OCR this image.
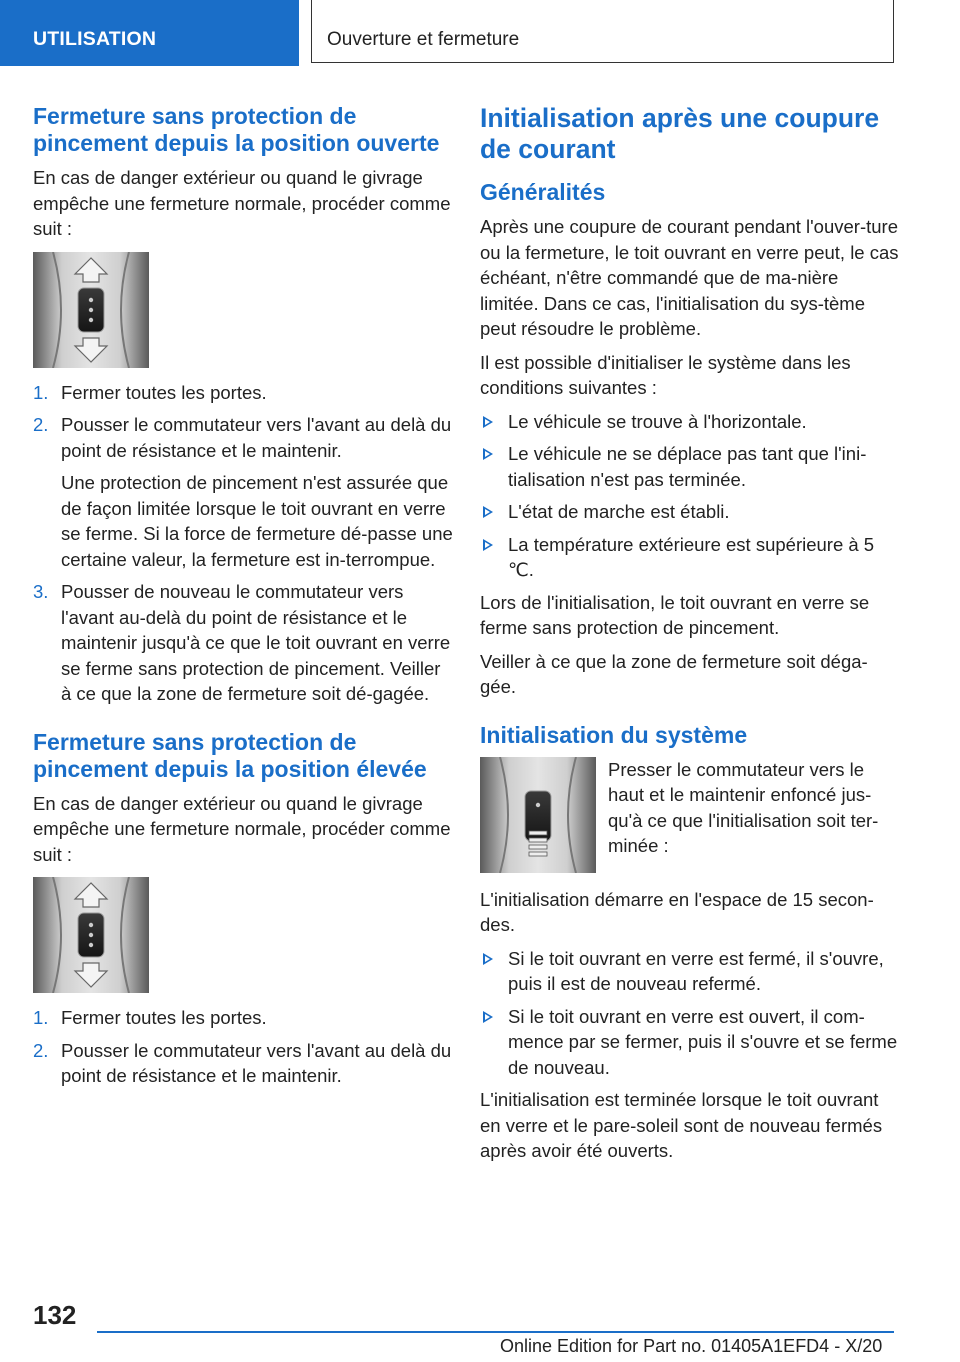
UTILISATION	Ouverture et fermeture
Fermeture sans protection de pincement depuis la position ouverte

En cas de danger extérieur ou quand le givrage empêche une fermeture normale, procéder comme suit :

1. Fermer toutes les portes.
2. Pousser le commutateur vers l'avant au delà du point de résistance et le maintenir.
Une protection de pincement n'est assurée que de façon limitée lorsque le toit ouvrant en verre se ferme. Si la force de fermeture dé-passe une certaine valeur, la fermeture est in-terrompue.
3. Pousser de nouveau le commutateur vers l'avant au-delà du point de résistance et le maintenir jusqu'à ce que le toit ouvrant en verre se ferme sans protection de pincement. Veiller à ce que la zone de fermeture soit dé-gagée.
Fermeture sans protection de pincement depuis la position élevée

En cas de danger extérieur ou quand le givrage empêche une fermeture normale, procéder comme suit :

1. Fermer toutes les portes.
2. Pousser le commutateur vers l'avant au delà du point de résistance et le maintenir.
Initialisation après une coupure de courant
Généralités

Après une coupure de courant pendant l'ouver-ture ou la fermeture, le toit ouvrant en verre peut, le cas échéant, n'être commandé que de ma-nière limitée. Dans ce cas, l'initialisation du sys-tème peut résoudre le problème.

Il est possible d'initialiser le système dans les conditions suivantes :

Le véhicule se trouve à l'horizontale.
Le véhicule ne se déplace pas tant que l'ini-tialisation n'est pas terminée.
L'état de marche est établi.
La température extérieure est supérieure à 5 ℃.

Lors de l'initialisation, le toit ouvrant en verre se ferme sans protection de pincement.

Veiller à ce que la zone de fermeture soit déga-gée.

Initialisation du système

Presser le commutateur vers le haut et le maintenir enfoncé jus-qu'à ce que l'initialisation soit ter-minée :

L'initialisation démarre en l'espace de 15 secon-des.

Si le toit ouvrant en verre est fermé, il s'ouvre, puis il est de nouveau refermé.
Si le toit ouvrant en verre est ouvert, il com-mence par se fermer, puis il s'ouvre et se ferme de nouveau.

L'initialisation est terminée lorsque le toit ouvrant en verre et le pare-soleil sont de nouveau fermés après avoir été ouverts.

132
Online Edition for Part no. 01405A1EFD4 - X/20
